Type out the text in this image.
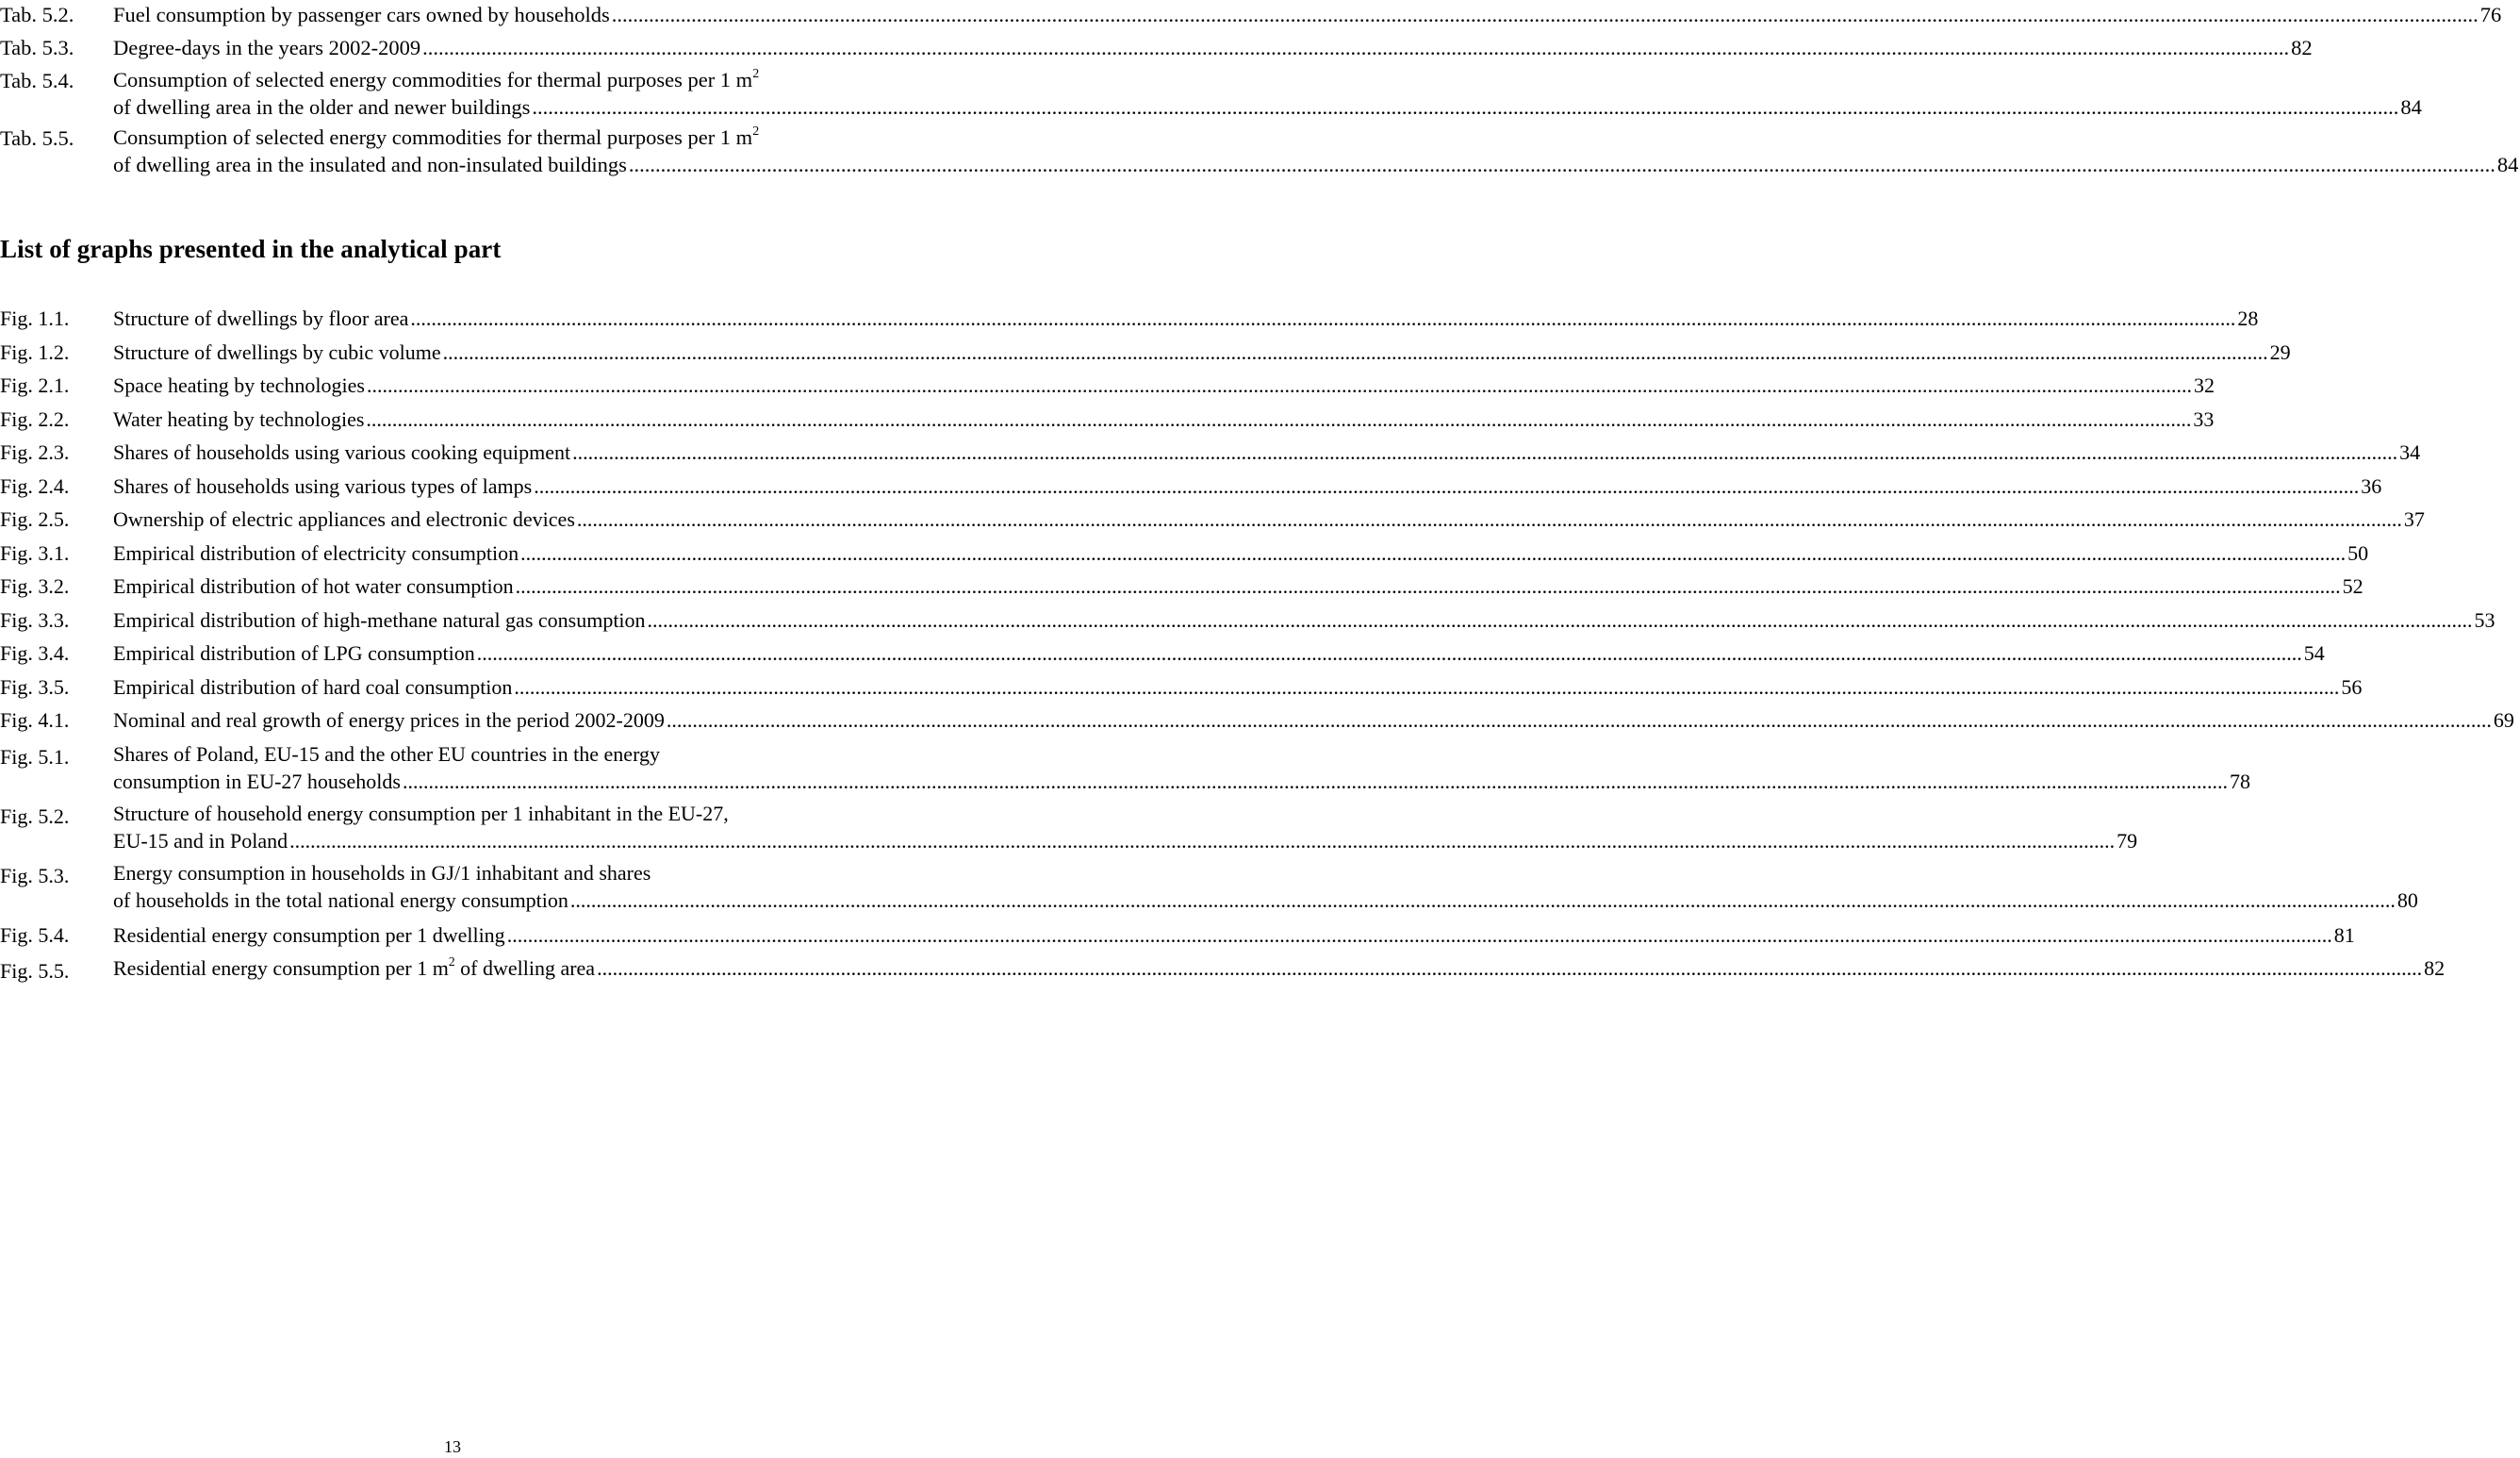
Tab. 5.2.	Fuel consumption by passenger cars owned by households .....	76
Tab. 5.3.	Degree-days in the years 2002-2009 .....	82
Tab. 5.4.	Consumption of selected energy commodities for thermal purposes per 1 $m^2$
of dwelling area in the older and newer buildings .....	84
Tab. 5.5.	Consumption of selected energy commodities for thermal purposes per 1 $m^2$
of dwelling area in the insulated and non-insulated buildings .....	84
List of graphs presented in the analytical part
Fig. 1.1.	Structure of dwellings by floor area .....	28
Fig. 1.2.	Structure of dwellings by cubic volume .....	29
Fig. 2.1.	Space heating by technologies .....	32
Fig. 2.2.	Water heating by technologies .....	33
Fig. 2.3.	Shares of households using various cooking equipment .....	34
Fig. 2.4.	Shares of households using various types of lamps .....	36
Fig. 2.5.	Ownership of electric appliances and electronic devices .....	37
Fig. 3.1.	Empirical distribution of electricity consumption .....	50
Fig. 3.2.	Empirical distribution of hot water consumption .....	52
Fig. 3.3.	Empirical distribution of high-methane natural gas consumption .....	53
Fig. 3.4.	Empirical distribution of LPG consumption .....	54
Fig. 3.5.	Empirical distribution of hard coal consumption .....	56
Fig. 4.1.	Nominal and real growth of energy prices in the period 2002-2009 .....	69
Fig. 5.1.	Shares of Poland, EU-15 and the other EU countries in the energy
consumption in EU-27 households .....	78
Fig. 5.2.	Structure of household energy consumption per 1 inhabitant in the EU-27,
EU-15 and in Poland .....	79
Fig. 5.3.	Energy consumption in households in GJ/1 inhabitant and shares
of households in the total national energy consumption .....	80
Fig. 5.4.	Residential energy consumption per 1 dwelling .....	81
Fig. 5.5.	Residential energy consumption per 1 $m^2$ of dwelling area .....	82
13
